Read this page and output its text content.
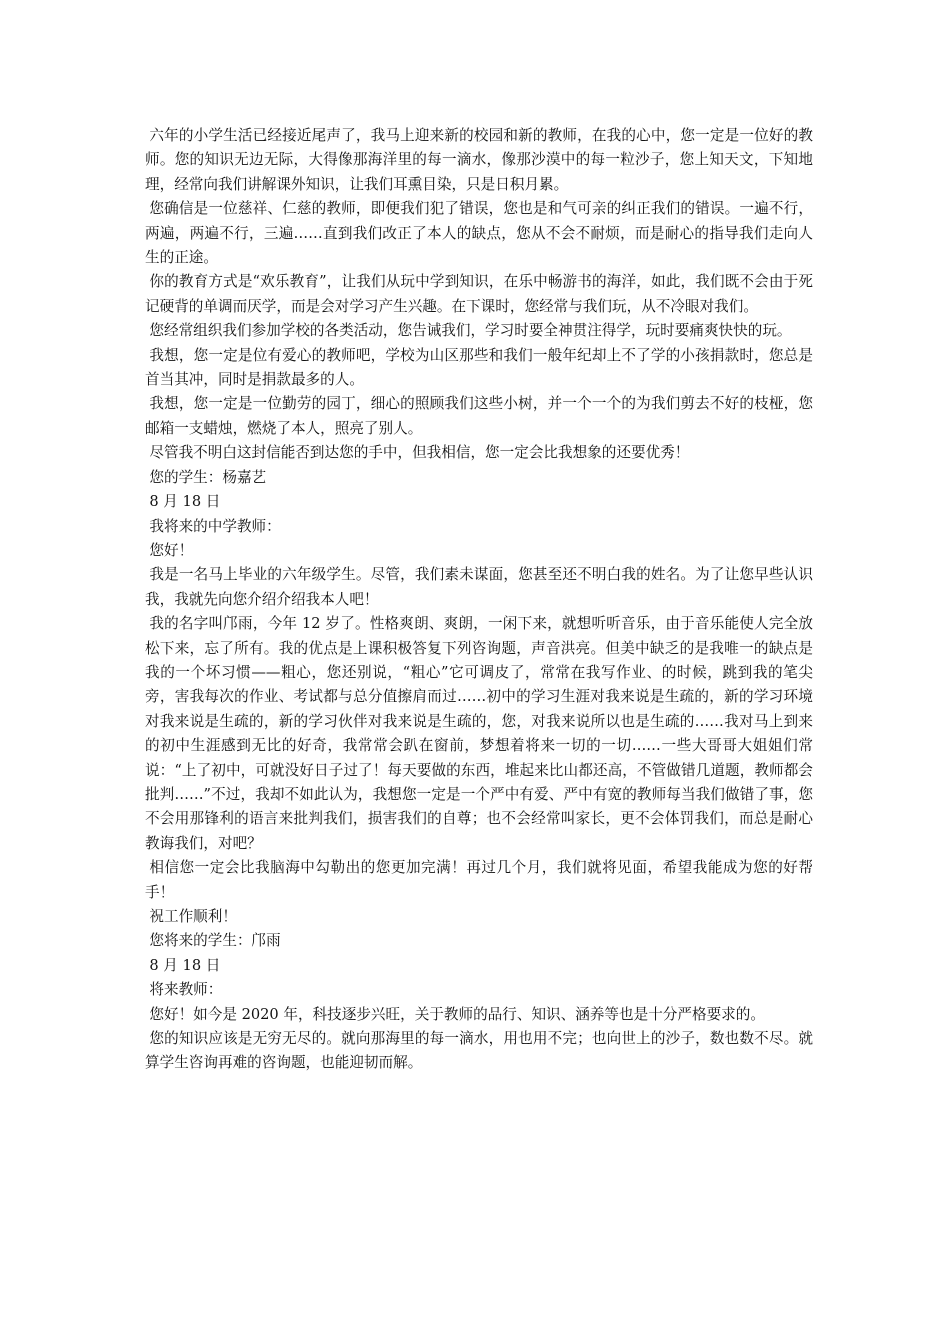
六年的小学生活已经接近尾声了，我马上迎来新的校园和新的教师，在我的心中，您一定是一位好的教师。您的知识无边无际，大得像那海洋里的每一滴水，像那沙漠中的每一粒沙子，您上知天文，下知地理，经常向我们讲解课外知识，让我们耳熏目染，只是日积月累。

您确信是一位慈祥、仁慈的教师，即便我们犯了错误，您也是和气可亲的纠正我们的错误。一遍不行，两遍，两遍不行，三遍……直到我们改正了本人的缺点，您从不会不耐烦，而是耐心的指导我们走向人生的正途。

你的教育方式是“欢乐教育”，让我们从玩中学到知识，在乐中畅游书的海洋，如此，我们既不会由于死记硬背的单调而厌学，而是会对学习产生兴趣。在下课时，您经常与我们玩，从不冷眼对我们。

您经常组织我们参加学校的各类活动，您告诫我们，学习时要全神贯注得学，玩时要痛爽快快的玩。

我想，您一定是位有爱心的教师吧，学校为山区那些和我们一般年纪却上不了学的小孩捐款时，您总是首当其冲，同时是捐款最多的人。

我想，您一定是一位勤劳的园丁，细心的照顾我们这些小树，并一个一个的为我们剪去不好的枝桠，您邮箱一支蜡烛，燃烧了本人，照亮了别人。

尽管我不明白这封信能否到达您的手中，但我相信，您一定会比我想象的还要优秀！

您的学生：杨嘉艺

8 月 18 日

我将来的中学教师：

您好！

我是一名马上毕业的六年级学生。尽管，我们素未谋面，您甚至还不明白我的姓名。为了让您早些认识我，我就先向您介绍介绍我本人吧！

我的名字叫邝雨，今年 12 岁了。性格爽朗、爽朗，一闲下来，就想听听音乐，由于音乐能使人完全放松下来，忘了所有。我的优点是上课积极答复下列咨询题，声音洪亮。但美中缺乏的是我唯一的缺点是我的一个坏习惯——粗心，您还别说，“粗心”它可调皮了，常常在我写作业、的时候，跳到我的笔尖旁，害我每次的作业、考试都与总分值擦肩而过……初中的学习生涯对我来说是生疏的，新的学习环境对我来说是生疏的，新的学习伙伴对我来说是生疏的，您，对我来说所以也是生疏的……我对马上到来的初中生涯感到无比的好奇，我常常会趴在窗前，梦想着将来一切的一切……一些大哥哥大姐姐们常说：“上了初中，可就没好日子过了！每天要做的东西，堆起来比山都还高，不管做错几道题，教师都会批判……”不过，我却不如此认为，我想您一定是一个严中有爱、严中有宽的教师每当我们做错了事，您不会用那锋利的语言来批判我们，损害我们的自尊；也不会经常叫家长，更不会体罚我们，而总是耐心教诲我们，对吧？

相信您一定会比我脑海中勾勒出的您更加完满！再过几个月，我们就将见面，希望我能成为您的好帮手！

祝工作顺利！

您将来的学生：邝雨

8 月 18 日

将来教师：

您好！如今是 2020 年，科技逐步兴旺，关于教师的品行、知识、涵养等也是十分严格要求的。

您的知识应该是无穷无尽的。就向那海里的每一滴水，用也用不完；也向世上的沙子，数也数不尽。就算学生咨询再难的咨询题，也能迎韧而解。
